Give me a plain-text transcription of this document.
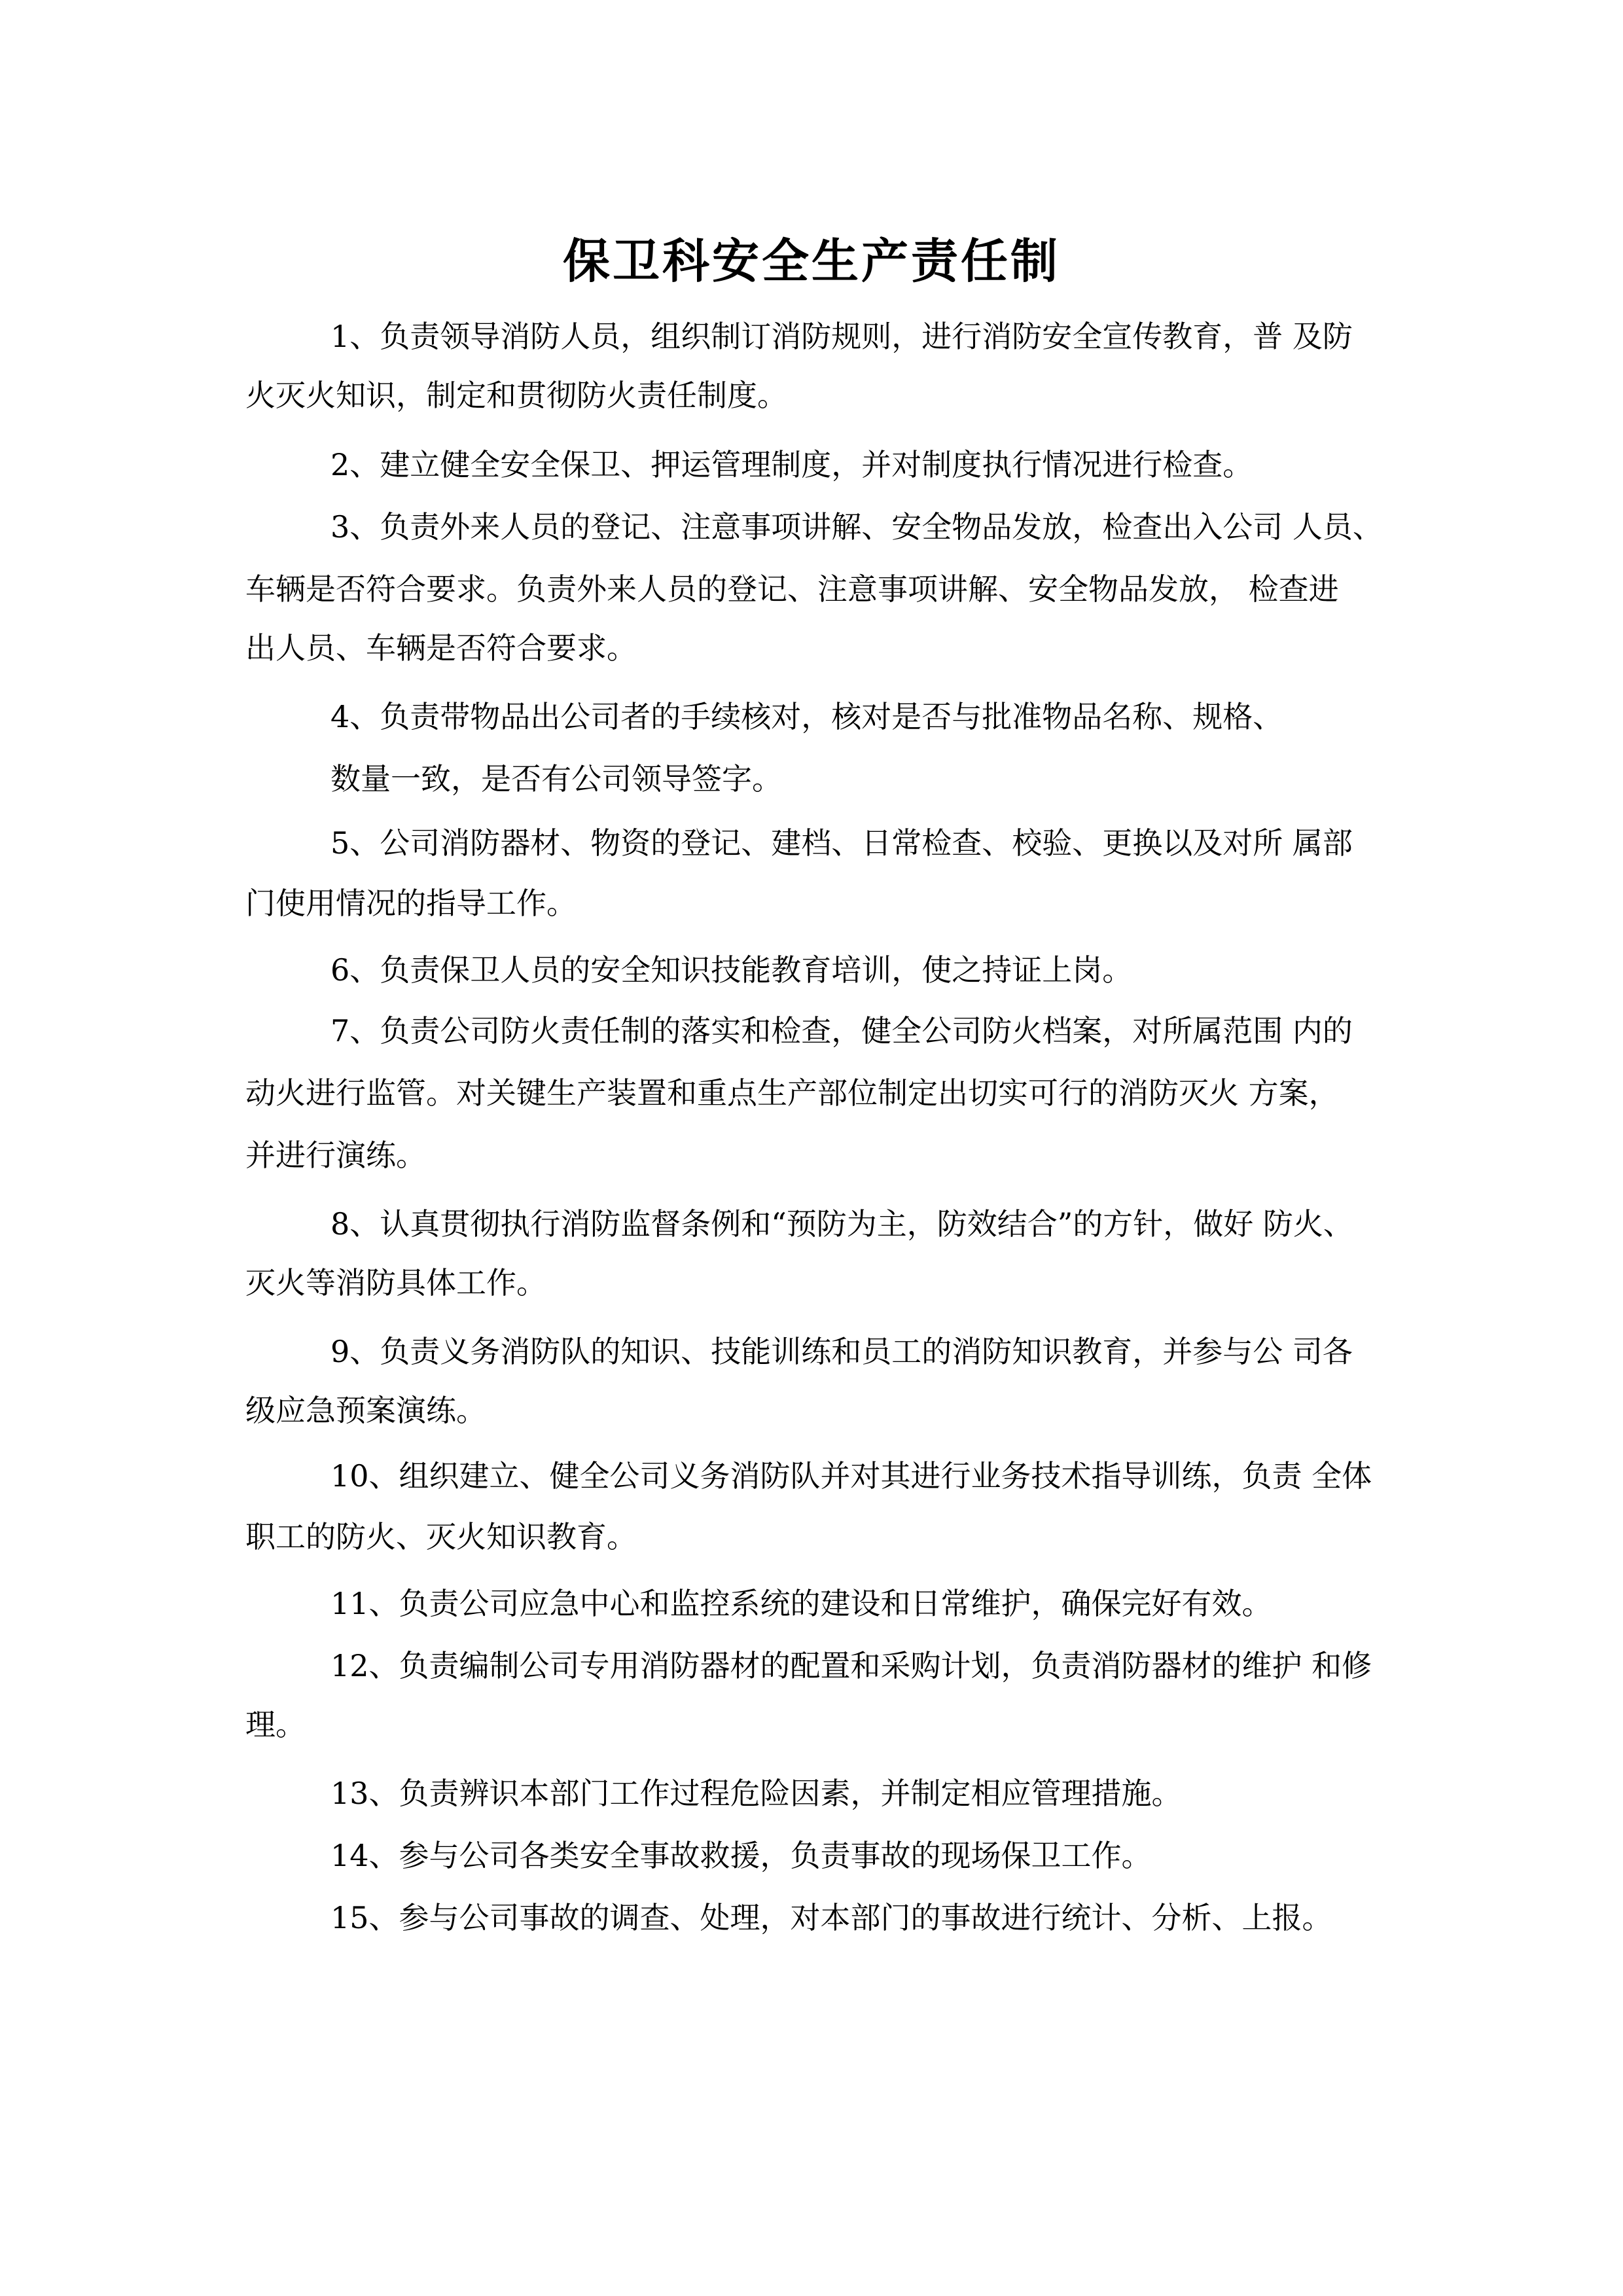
保卫科安全生产责任制

1、负责领导消防人员，组织制订消防规则，进行消防安全宣传教育，普 及防

火灭火知识，制定和贯彻防火责任制度。

2、建立健全安全保卫、押运管理制度，并对制度执行情况进行检查。

3、负责外来人员的登记、注意事项讲解、安全物品发放，检查出入公司 人员、

车辆是否符合要求。负责外来人员的登记、注意事项讲解、安全物品发放， 检查进

出人员、车辆是否符合要求。

4、负责带物品出公司者的手续核对，核对是否与批准物品名称、规格、

数量一致，是否有公司领导签字。

5、公司消防器材、物资的登记、建档、日常检查、校验、更换以及对所 属部

门使用情况的指导工作。

6、负责保卫人员的安全知识技能教育培训，使之持证上岗。

7、负责公司防火责任制的落实和检查，健全公司防火档案，对所属范围 内的

动火进行监管。对关键生产装置和重点生产部位制定出切实可行的消防灭火 方案，

并进行演练。

8、认真贯彻执行消防监督条例和“预防为主，防效结合”的方针，做好 防火、

灭火等消防具体工作。

9、负责义务消防队的知识、技能训练和员工的消防知识教育，并参与公 司各

级应急预案演练。

10、组织建立、健全公司义务消防队并对其进行业务技术指导训练，负责 全体

职工的防火、灭火知识教育。

11、负责公司应急中心和监控系统的建设和日常维护，确保完好有效。

12、负责编制公司专用消防器材的配置和采购计划，负责消防器材的维护 和修

理。

13、负责辨识本部门工作过程危险因素，并制定相应管理措施。

14、参与公司各类安全事故救援，负责事故的现场保卫工作。

15、参与公司事故的调查、处理，对本部门的事故进行统计、分析、上报。
